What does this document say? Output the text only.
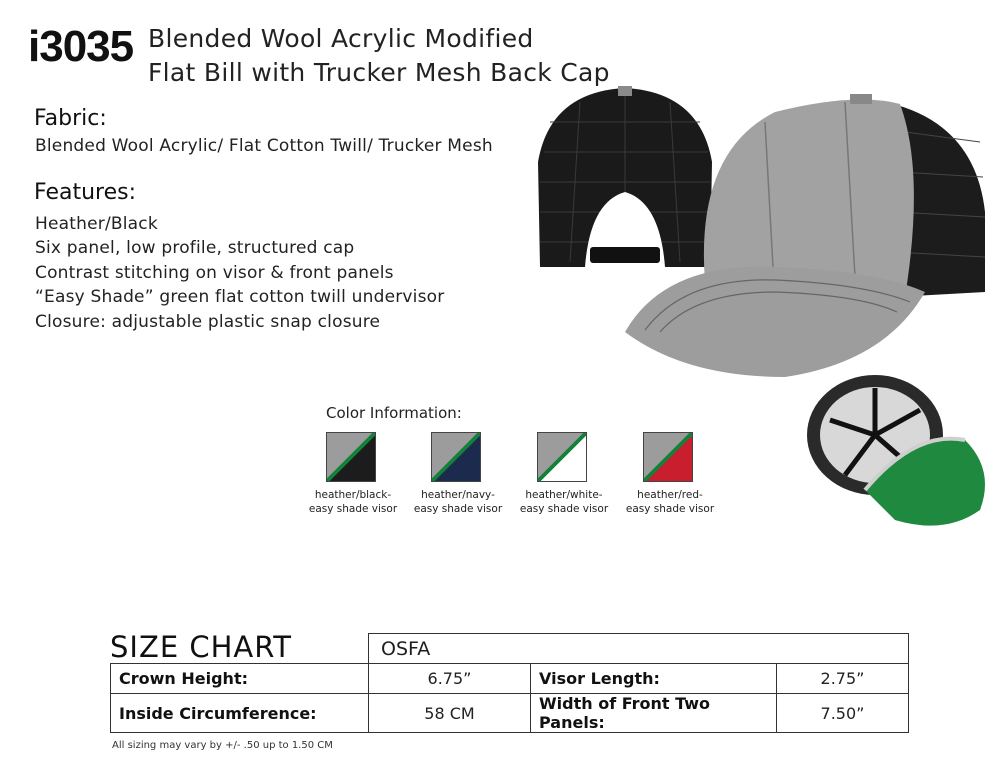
i3035 Blended Wool Acrylic Modified
Flat Bill with Trucker Mesh Back Cap
Fabric:
Blended Wool Acrylic/ Flat Cotton Twill/ Trucker Mesh
Features:
Heather/Black
Six panel, low profile, structured cap
Contrast stitching on visor & front panels
“Easy Shade” green flat cotton twill undervisor
Closure: adjustable plastic snap closure
Color Information:
heather/black-
easy shade visor
heather/navy-
easy shade visor
heather/white-
easy shade visor
heather/red-
easy shade visor
SIZE CHART
		OSFA		
Crown Height:	6.75”	Visor Length:	2.75”
Inside Circumference:	58 CM	Width of Front Two Panels:	7.50”
All sizing may vary by +/- .50 up to 1.50 CM
